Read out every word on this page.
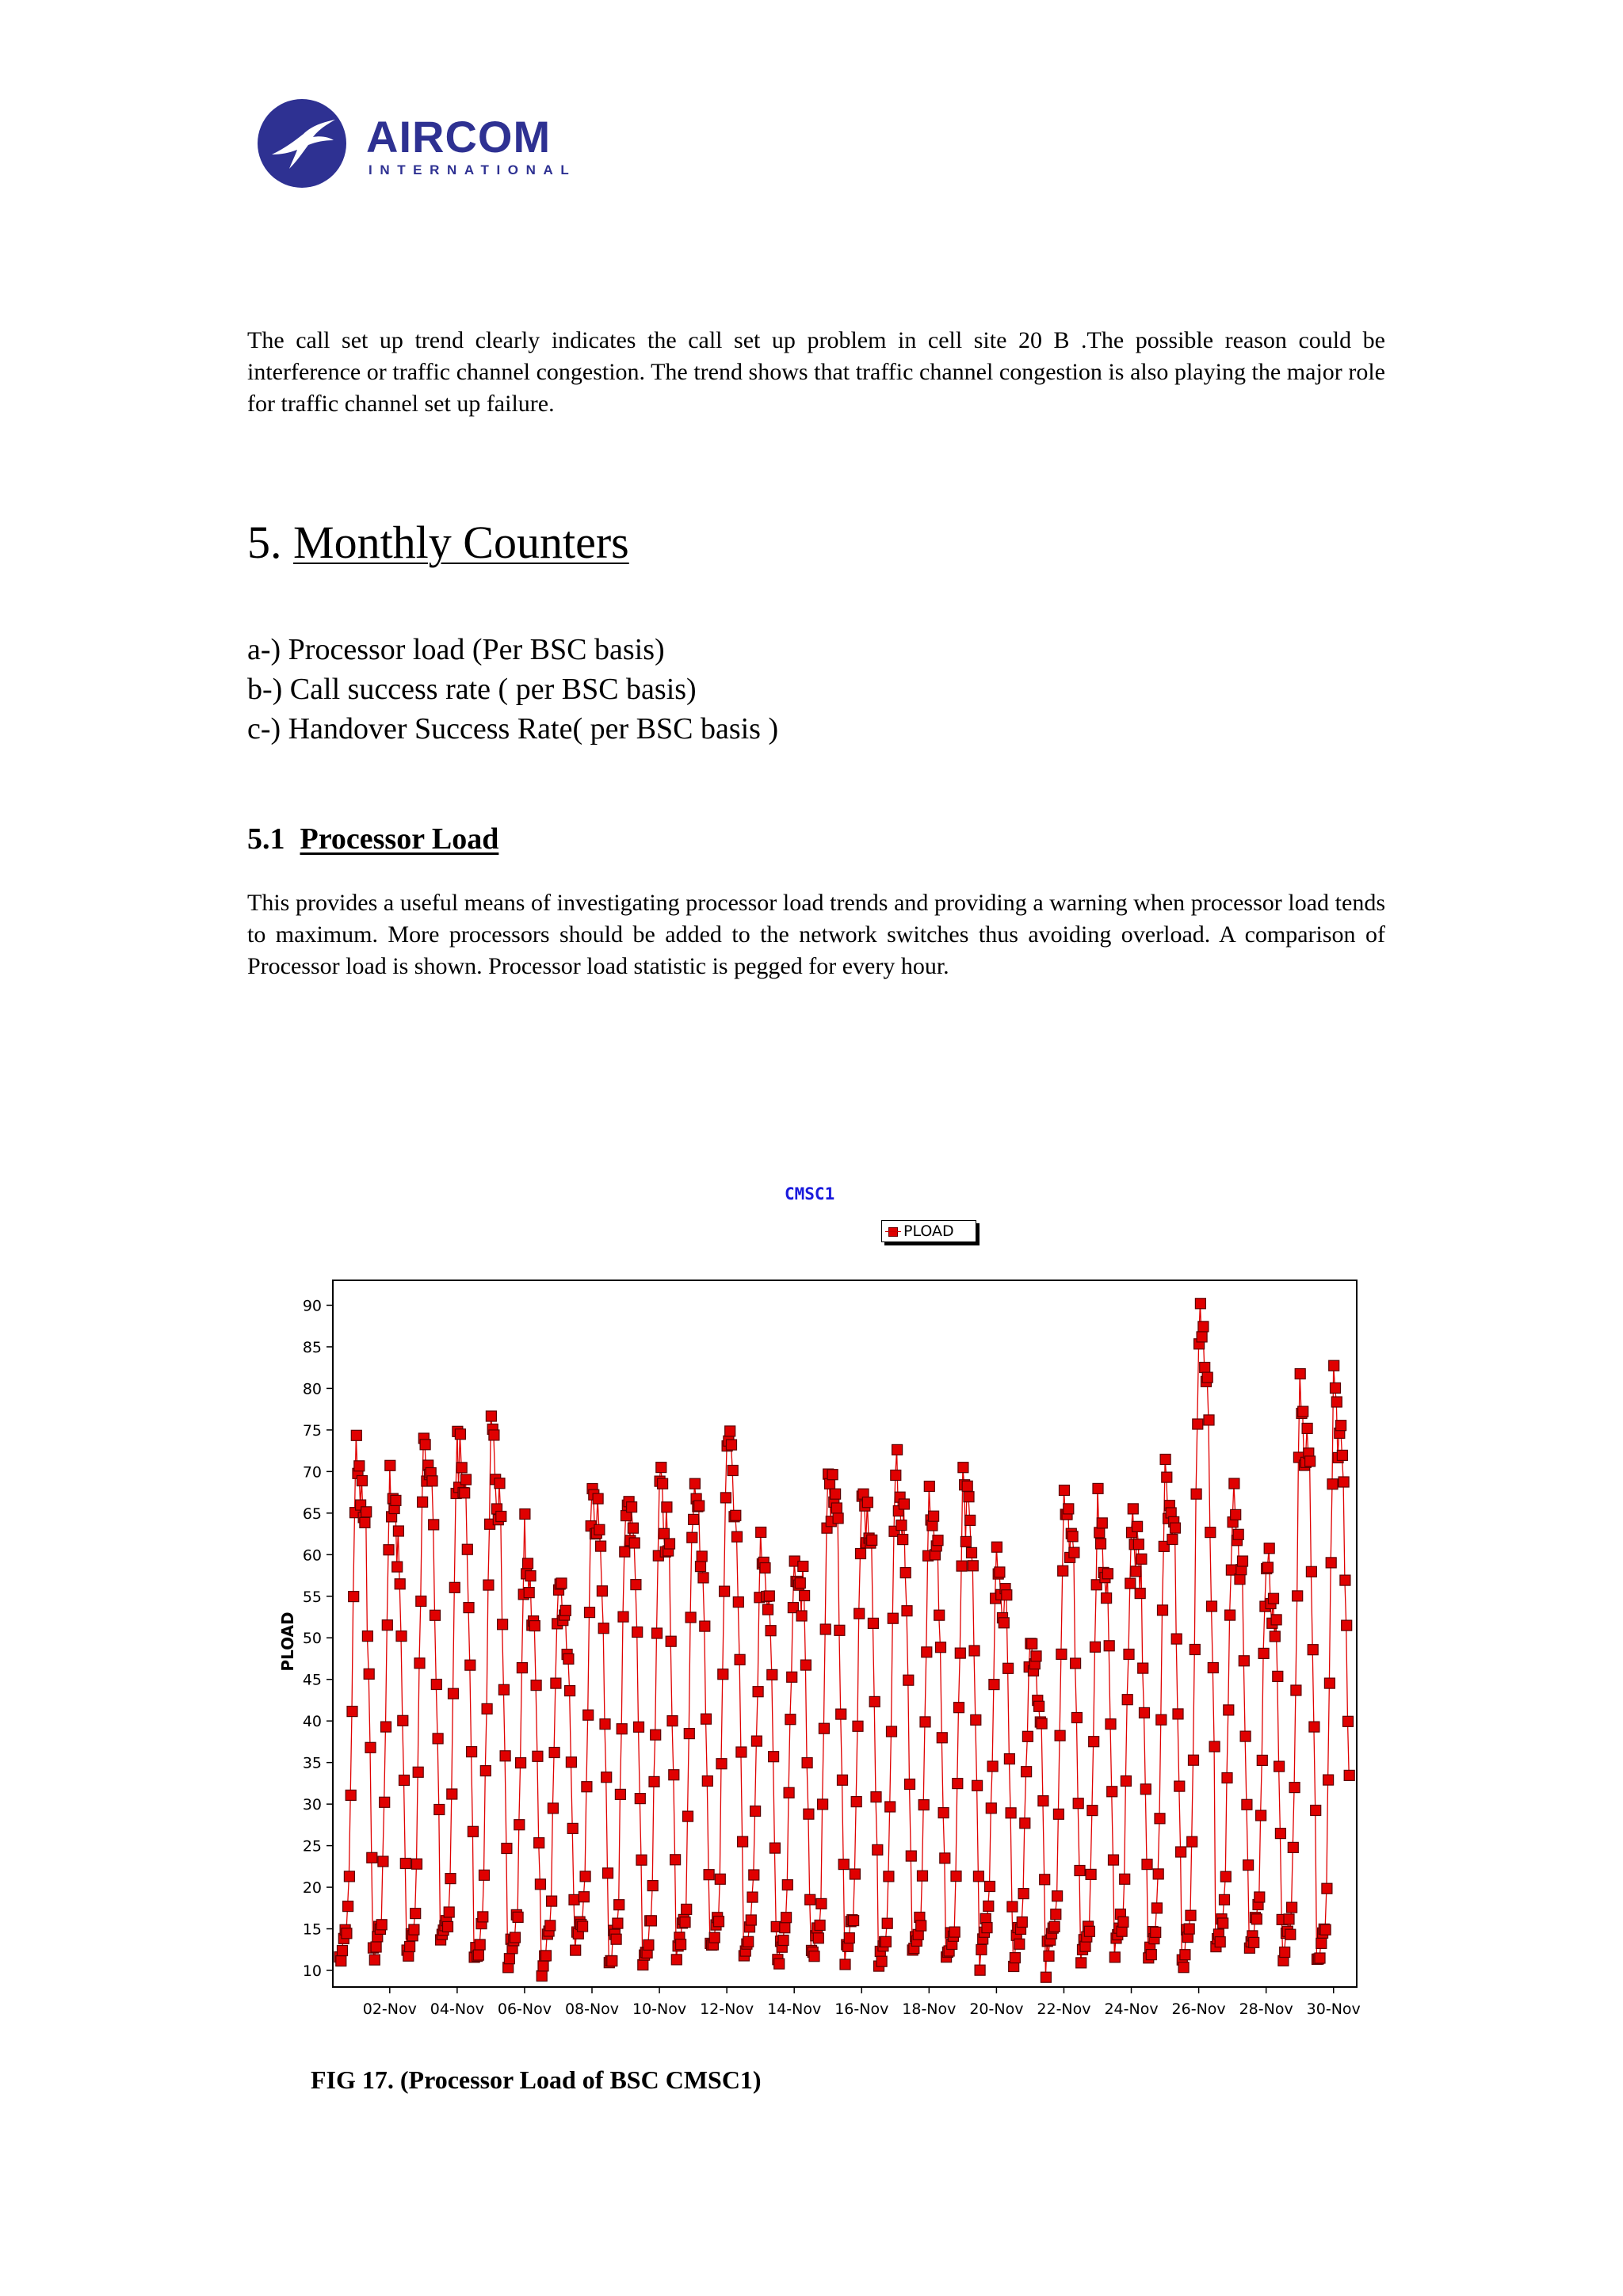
AIRCOM
INTERNATIONAL

The call set up trend clearly indicates the call set up problem in cell site 20 B .The possible reason could be interference or traffic channel congestion. The trend shows that traffic channel congestion is also playing the major role for traffic channel set up failure.

5. Monthly Counters
a-) Processor load (Per BSC basis)
b-) Call success rate ( per BSC basis)
c-) Handover Success Rate( per BSC basis )
5.1 Processor Load

This provides a useful means of investigating processor load trends and providing a warning when processor load tends to maximum. More processors should be added to the network switches thus avoiding overload. A comparison of Processor load is shown. Processor load statistic is pegged for every hour.

CMSC1
PLOAD
10
15
20
25
30
35
40
45
50
55
60
65
70
75
80
85
90
02-Nov 04-Nov 06-Nov 08-Nov 10-Nov 12-Nov 14-Nov 16-Nov 18-Nov 20-Nov 22-Nov 24-Nov 26-Nov 28-Nov 30-Nov
PLOAD

FIG 17. (Processor Load of BSC CMSC1)
